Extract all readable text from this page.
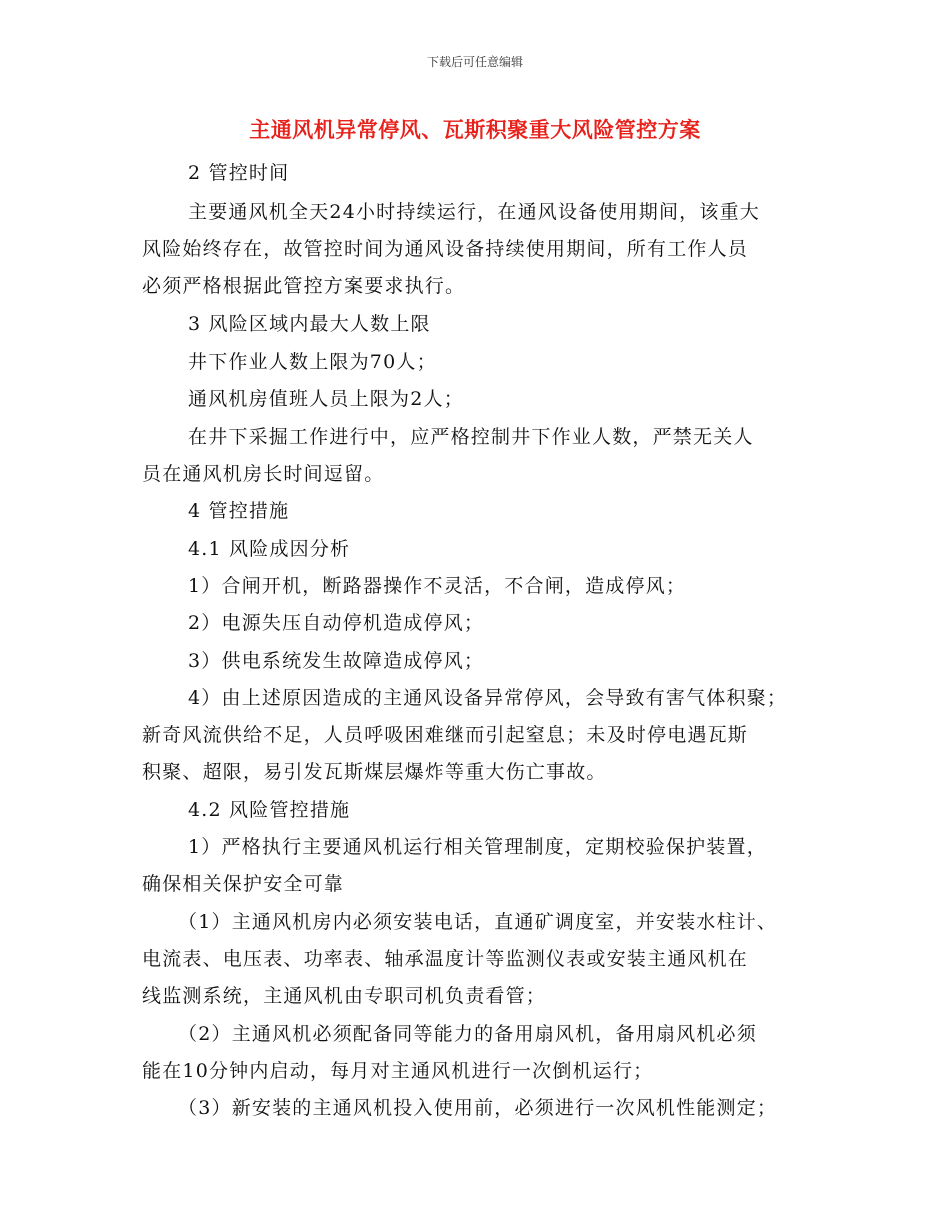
下载后可任意编辑
主通风机异常停风、瓦斯积聚重大风险管控方案
2 管控时间
主要通风机全天24小时持续运行，在通风设备使用期间，该重大
风险始终存在，故管控时间为通风设备持续使用期间，所有工作人员
必须严格根据此管控方案要求执行。
3 风险区域内最大人数上限
井下作业人数上限为70人；
通风机房值班人员上限为2人；
在井下采掘工作进行中，应严格控制井下作业人数，严禁无关人
员在通风机房长时间逗留。
4 管控措施
4.1 风险成因分析
1）合闸开机，断路器操作不灵活，不合闸，造成停风；
2）电源失压自动停机造成停风；
3）供电系统发生故障造成停风；
4）由上述原因造成的主通风设备异常停风，会导致有害气体积聚；
新奇风流供给不足，人员呼吸困难继而引起窒息；未及时停电遇瓦斯
积聚、超限，易引发瓦斯煤层爆炸等重大伤亡事故。
4.2 风险管控措施
1）严格执行主要通风机运行相关管理制度，定期校验保护装置，
确保相关保护安全可靠
（1）主通风机房内必须安装电话，直通矿调度室，并安装水柱计、
电流表、电压表、功率表、轴承温度计等监测仪表或安装主通风机在
线监测系统，主通风机由专职司机负责看管；
（2）主通风机必须配备同等能力的备用扇风机，备用扇风机必须
能在10分钟内启动，每月对主通风机进行一次倒机运行；
（3）新安装的主通风机投入使用前，必须进行一次风机性能测定；
